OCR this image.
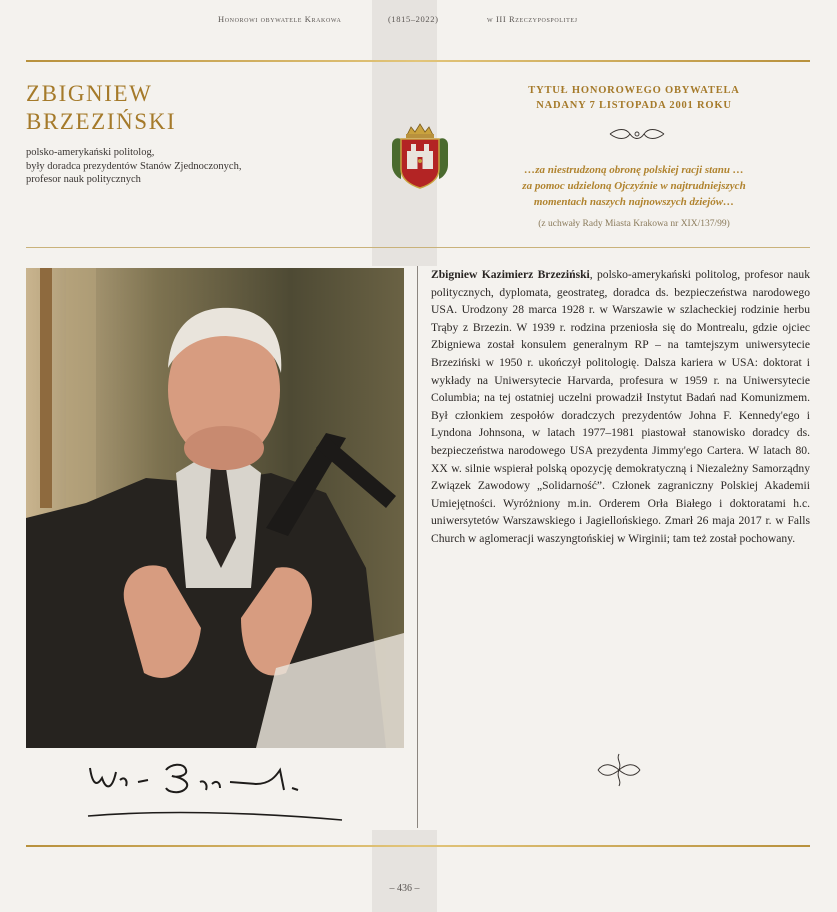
Honorowi obywatele Krakowa	(1815–2022)	w III Rzeczypospolitej
ZBIGNIEW
BRZEZIŃSKI
polsko-amerykański politolog,
były doradca prezydentów Stanów Zjednoczonych,
profesor nauk politycznych
TYTUŁ HONOROWEGO OBYWATELA
NADANY 7 LISTOPADA 2001 ROKU
…za niestrudzoną obronę polskiej racji stanu …
za pomoc udzieloną Ojczyźnie w najtrudniejszych
momentach naszych najnowszych dziejów…
(z uchwały Rady Miasta Krakowa nr XIX/137/99)

Zbigniew Kazimierz Brzeziński, polsko-amerykański politolog, profesor nauk politycznych, dyplomata, geostrateg, doradca ds. bezpieczeństwa narodowego USA. Urodzony 28 marca 1928 r. w Warszawie w szlacheckiej rodzinie herbu Trąby z Brzezin. W 1939 r. rodzina przeniosła się do Montrealu, gdzie ojciec Zbigniewa został konsulem generalnym RP – na tamtejszym uniwersytecie Brzeziński w 1950 r. ukończył politologię. Dalsza kariera w USA: doktorat i wykłady na Uniwersytecie Harvarda, profesura w 1959 r. na Uniwersytecie Columbia; na tej ostatniej uczelni prowadził Instytut Badań nad Komunizmem. Był członkiem zespołów doradczych prezydentów Johna F. Kennedy'ego i Lyndona Johnsona, w latach 1977–1981 piastował stanowisko doradcy ds. bezpieczeństwa narodowego USA prezydenta Jimmy'ego Cartera. W latach 80. XX w. silnie wspierał polską opozycję demokratyczną i Niezależny Samorządny Związek Zawodowy „Solidarność”. Członek zagraniczny Polskiej Akademii Umiejętności. Wyróżniony m.in. Orderem Orła Białego i doktoratami h.c. uniwersytetów Warszawskiego i Jagiellońskiego. Zmarł 26 maja 2017 r. w Falls Church w aglomeracji waszyngtońskiej w Wirginii; tam też został pochowany.

– 436 –
